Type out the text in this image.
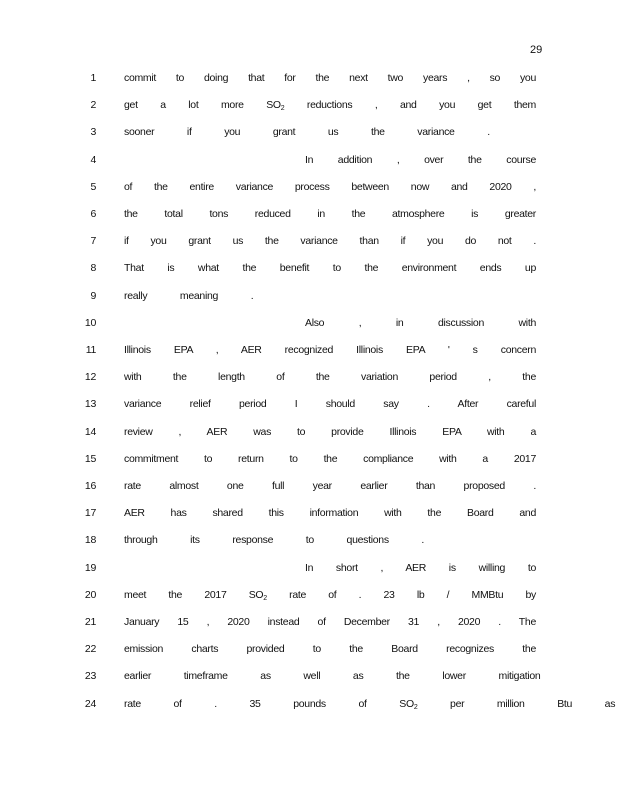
29
1	commit to doing that for the next two years , so you
2	get a lot more $SO_2$ reductions , and you get them
3	sooner if you grant us the variance .
4	In addition , over the course
5	of the entire variance process between now and 2020 ,
6	the total tons reduced in the atmosphere is greater
7	if you grant us the variance than if you do not .
8	That is what the benefit to the environment ends up
9	really meaning .
10	Also , in discussion with
11	Illinois EPA , AER recognized Illinois EPA ' s concern
12	with the length of the variation period , the
13	variance relief period I should say . After careful
14	review , AER was to provide Illinois EPA with a
15	commitment to return to the compliance with a 2017
16	rate almost one full year earlier than proposed .
17	AER has shared this information with the Board and
18	through its response to questions .
19	In short , AER is willing to
20	meet the 2017 $SO_2$ rate of . 23 lb / MMBtu by
21	January 15 , 2020 instead of December 31 , 2020 . The
22	emission charts provided to the Board recognizes the
23	earlier timeframe as well as the lower mitigation
24	rate of . 35 pounds of $SO_2$ per million Btu as
